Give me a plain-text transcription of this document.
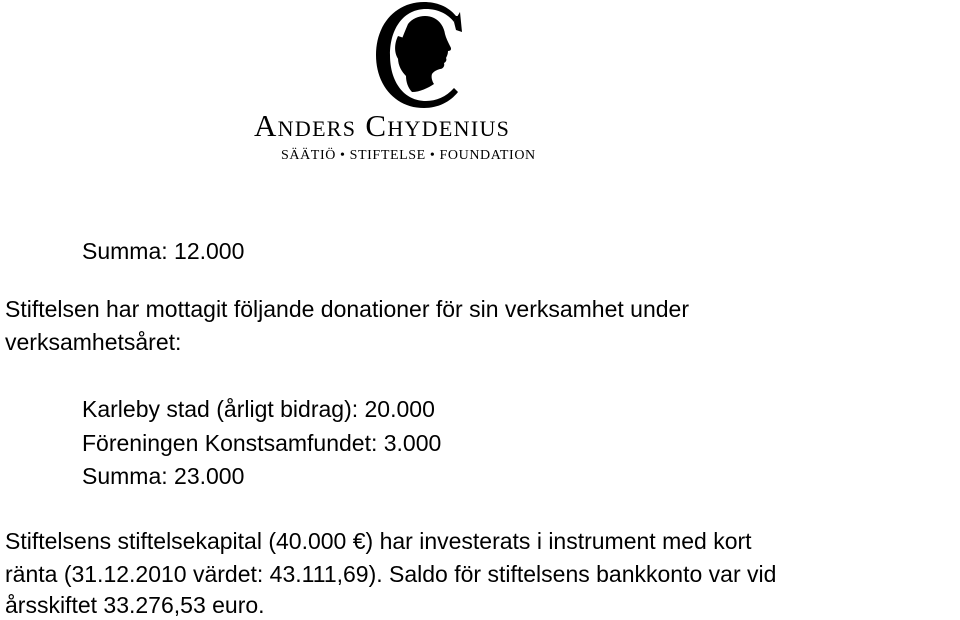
Anders Chydenius
SÄÄTIÖ • STIFTELSE • FOUNDATION
Summa: 12.000
Stiftelsen har mottagit följande donationer för sin verksamhet under
verksamhetsåret:
Karleby stad (årligt bidrag): 20.000
Föreningen Konstsamfundet: 3.000
Summa: 23.000
Stiftelsens stiftelsekapital (40.000 €) har investerats i instrument med kort
ränta (31.12.2010 värdet: 43.111,69). Saldo för stiftelsens bankkonto var vid
årsskiftet 33.276,53 euro.
